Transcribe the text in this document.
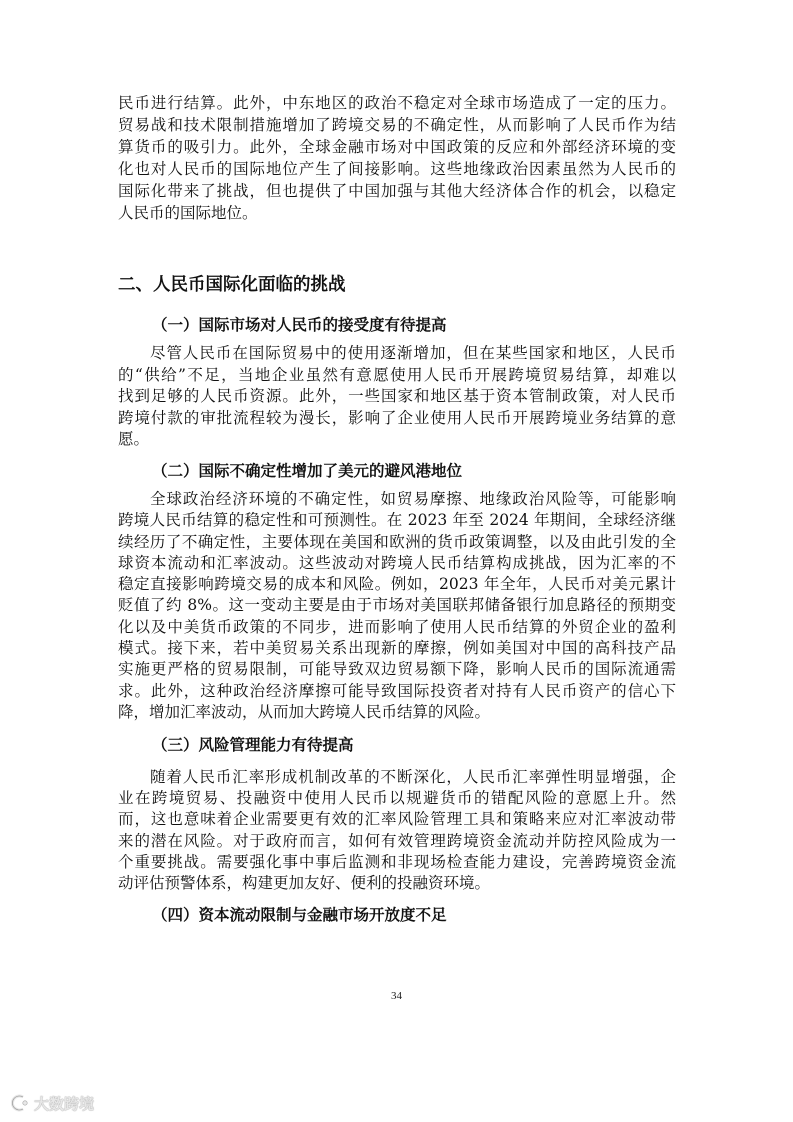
民币进行结算。此外，中东地区的政治不稳定对全球市场造成了一定的压力。
贸易战和技术限制措施增加了跨境交易的不确定性，从而影响了人民币作为结
算货币的吸引力。此外，全球金融市场对中国政策的反应和外部经济环境的变
化也对人民币的国际地位产生了间接影响。这些地缘政治因素虽然为人民币的
国际化带来了挑战，但也提供了中国加强与其他大经济体合作的机会，以稳定
人民币的国际地位。
二、人民币国际化面临的挑战
（一）国际市场对人民币的接受度有待提高
尽管人民币在国际贸易中的使用逐渐增加，但在某些国家和地区，人民币
的“供给”不足，当地企业虽然有意愿使用人民币开展跨境贸易结算，却难以
找到足够的人民币资源。此外，一些国家和地区基于资本管制政策，对人民币
跨境付款的审批流程较为漫长，影响了企业使用人民币开展跨境业务结算的意
愿。
（二）国际不确定性增加了美元的避风港地位
全球政治经济环境的不确定性，如贸易摩擦、地缘政治风险等，可能影响
跨境人民币结算的稳定性和可预测性。在 2023 年至 2024 年期间，全球经济继
续经历了不确定性，主要体现在美国和欧洲的货币政策调整，以及由此引发的全
球资本流动和汇率波动。这些波动对跨境人民币结算构成挑战，因为汇率的不
稳定直接影响跨境交易的成本和风险。例如，2023 年全年，人民币对美元累计
贬值了约 8%。这一变动主要是由于市场对美国联邦储备银行加息路径的预期变
化以及中美货币政策的不同步，进而影响了使用人民币结算的外贸企业的盈利
模式。接下来，若中美贸易关系出现新的摩擦，例如美国对中国的高科技产品
实施更严格的贸易限制，可能导致双边贸易额下降，影响人民币的国际流通需
求。此外，这种政治经济摩擦可能导致国际投资者对持有人民币资产的信心下
降，增加汇率波动，从而加大跨境人民币结算的风险。
（三）风险管理能力有待提高
随着人民币汇率形成机制改革的不断深化，人民币汇率弹性明显增强，企
业在跨境贸易、投融资中使用人民币以规避货币的错配风险的意愿上升。然
而，这也意味着企业需要更有效的汇率风险管理工具和策略来应对汇率波动带
来的潜在风险。对于政府而言，如何有效管理跨境资金流动并防控风险成为一
个重要挑战。需要强化事中事后监测和非现场检查能力建设，完善跨境资金流
动评估预警体系，构建更加友好、便利的投融资环境。
（四）资本流动限制与金融市场开放度不足
34
大数跨境
